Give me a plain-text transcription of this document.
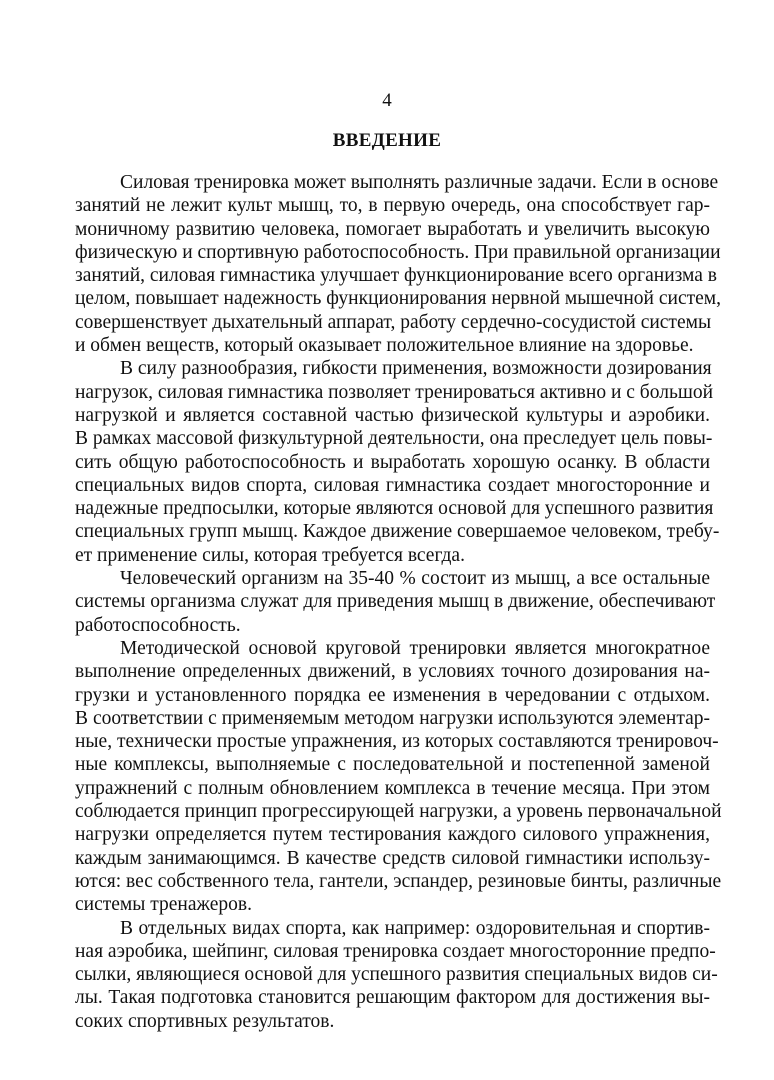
4

ВВЕДЕНИЕ

Силовая тренировка может выполнять различные задачи. Если в основе
занятий не лежит культ мышц, то, в первую очередь, она способствует гар-
моничному развитию человека, помогает выработать и увеличить высокую
физическую и спортивную работоспособность. При правильной организации
занятий, силовая гимнастика улучшает функционирование всего организма в
целом, повышает надежность функционирования нервной мышечной систем,
совершенствует дыхательный аппарат, работу сердечно-сосудистой системы
и обмен веществ, который оказывает положительное влияние на здоровье.

В силу разнообразия, гибкости применения, возможности дозирования
нагрузок, силовая гимнастика позволяет тренироваться активно и с большой
нагрузкой и является составной частью физической культуры и аэробики.
В рамках массовой физкультурной деятельности, она преследует цель повы-
сить общую работоспособность и выработать хорошую осанку. В области
специальных видов спорта, силовая гимнастика создает многосторонние и
надежные предпосылки, которые являются основой для успешного развития
специальных групп мышц. Каждое движение совершаемое человеком, требу-
ет применение силы, которая требуется всегда.

Человеческий организм на 35-40 % состоит из мышц, а все остальные
системы организма служат для приведения мышц в движение, обеспечивают
работоспособность.

Методической основой круговой тренировки является многократное
выполнение определенных движений, в условиях точного дозирования на-
грузки и установленного порядка ее изменения в чередовании с отдыхом.
В соответствии с применяемым методом нагрузки используются элементар-
ные, технически простые упражнения, из которых составляются тренировоч-
ные комплексы, выполняемые с последовательной и постепенной заменой
упражнений с полным обновлением комплекса в течение месяца. При этом
соблюдается принцип прогрессирующей нагрузки, а уровень первоначальной
нагрузки определяется путем тестирования каждого силового упражнения,
каждым занимающимся. В качестве средств силовой гимнастики использу-
ются: вес собственного тела, гантели, эспандер, резиновые бинты, различные
системы тренажеров.

В отдельных видах спорта, как например: оздоровительная и спортив-
ная аэробика, шейпинг, силовая тренировка создает многосторонние предпо-
сылки, являющиеся основой для успешного развития специальных видов си-
лы. Такая подготовка становится решающим фактором для достижения вы-
соких спортивных результатов.
